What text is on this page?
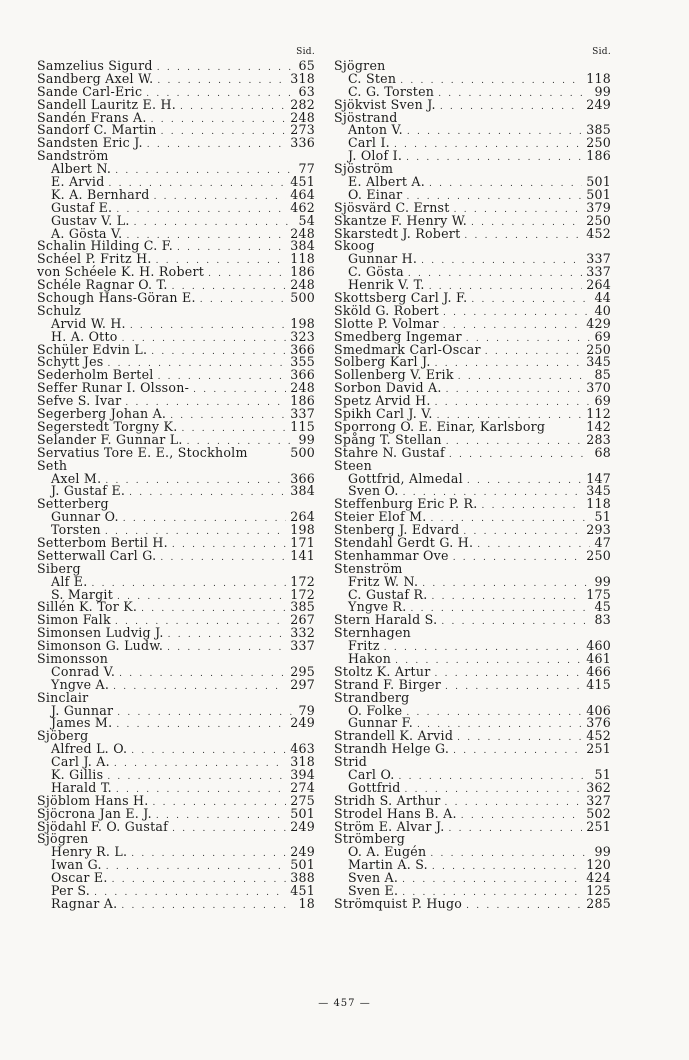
Sid.
Samzelius Sigurd . . .	65
Sandberg Axel W. . . .	318
Sande Carl-Eric . . .	63
Sandell Lauritz E. H. . . .	282
Sandén Frans A. . . .	248
Sandorf C. Martin . . .	273
Sandsten Eric J. . . .	336
Sandström
Albert N. . . .	77
E. Arvid . . .	451
K. A. Bernhard . . .	464
Gustaf E. . . .	462
Gustav V. L. . . .	54
A. Gösta V. . . .	248
Schalin Hilding C. F. . . .	384
Schéel P. Fritz H. . . .	118
von Schéele K. H. Robert . . .	186
Schéle Ragnar O. T. . . .	248
Schough Hans-Göran E. . . .	500
Schulz
Arvid W. H. . . .	198
H. A. Otto . . .	323
Schüler Edvin L. . . .	366
Schytt Jes . . .	355
Sederholm Bertel . . .	366
Seffer Runar I. Olsson- . . .	248
Sefve S. Ivar . . .	186
Segerberg Johan A. . . .	337
Segerstedt Torgny K. . . .	115
Selander F. Gunnar L. . . .	99
Servatius Tore E. E., Stockholm	500
Seth
Axel M. . . .	366
J. Gustaf E. . . .	384
Setterberg
Gunnar O. . . .	264
Torsten . . .	198
Setterbom Bertil H. . . .	171
Setterwall Carl G. . . .	141
Siberg
Alf E. . . .	172
S. Margit . . .	172
Sillén K. Tor K. . . .	385
Simon Falk . . .	267
Simonsen Ludvig J. . . .	332
Simonson G. Ludw. . . .	337
Simonsson
Conrad V. . . .	295
Yngve A. . . .	297
Sinclair
J. Gunnar . . .	79
James M. . . .	249
Sjöberg
Alfred L. O. . . .	463
Carl J. A. . . .	318
K. Gillis . . .	394
Harald T. . . .	274
Sjöblom Hans H. . . .	275
Sjöcrona Jan E. J. . . .	501
Sjödahl F. O. Gustaf . . .	249
Sjögren
Henry R. L. . . .	249
Iwan G. . . .	501
Oscar E. . . .	388
Per S. . . .	451
Ragnar A. . . .	18
Sid.
Sjögren
C. Sten . . .	118
C. G. Torsten . . .	99
Sjökvist Sven J. . . .	249
Sjöstrand
Anton V. . . .	385
Carl I. . . .	250
J. Olof I. . . .	186
Sjöström
E. Albert A. . . .	501
O. Einar . . .	501
Sjösvärd C. Ernst . . .	379
Skantze F. Henry W. . . .	250
Skarstedt J. Robert . . .	452
Skoog
Gunnar H. . . .	337
C. Gösta . . .	337
Henrik V. T. . . .	264
Skottsberg Carl J. F. . . .	44
Sköld G. Robert . . .	40
Slotte P. Volmar . . .	429
Smedberg Ingemar . . .	69
Smedmark Carl-Oscar . . .	250
Solberg Karl J. . . .	345
Sollenberg V. Erik . . .	85
Sorbon David A. . . .	370
Spetz Arvid H. . . .	69
Spikh Carl J. V. . . .	112
Sporrong O. E. Einar, Karlsborg	142
Spång T. Stellan . . .	283
Stahre N. Gustaf . . .	68
Steen
Gottfrid, Almedal . . .	147
Sven O. . . .	345
Steffenburg Eric P. R. . . .	118
Steier Elof M. . . .	51
Stenberg J. Edvard . . .	293
Stendahl Gerdt G. H. . . .	47
Stenhammar Ove . . .	250
Stenström
Fritz W. N. . . .	99
C. Gustaf R. . . .	175
Yngve R. . . .	45
Stern Harald S. . . .	83
Sternhagen
Fritz . . .	460
Hakon . . .	461
Stoltz K. Artur . . .	466
Strand F. Birger . . .	415
Strandberg
O. Folke . . .	406
Gunnar F. . . .	376
Strandell K. Arvid . . .	452
Strandh Helge G. . . .	251
Strid
Carl O. . . .	51
Gottfrid . . .	362
Stridh S. Arthur . . .	327
Strodel Hans B. A. . . .	502
Ström E. Alvar J. . . .	251
Strömberg
O. A. Eugén . . .	99
Martin A. S. . . .	120
Sven A. . . .	424
Sven E. . . .	125
Strömquist P. Hugo . . .	285
— 457 —
